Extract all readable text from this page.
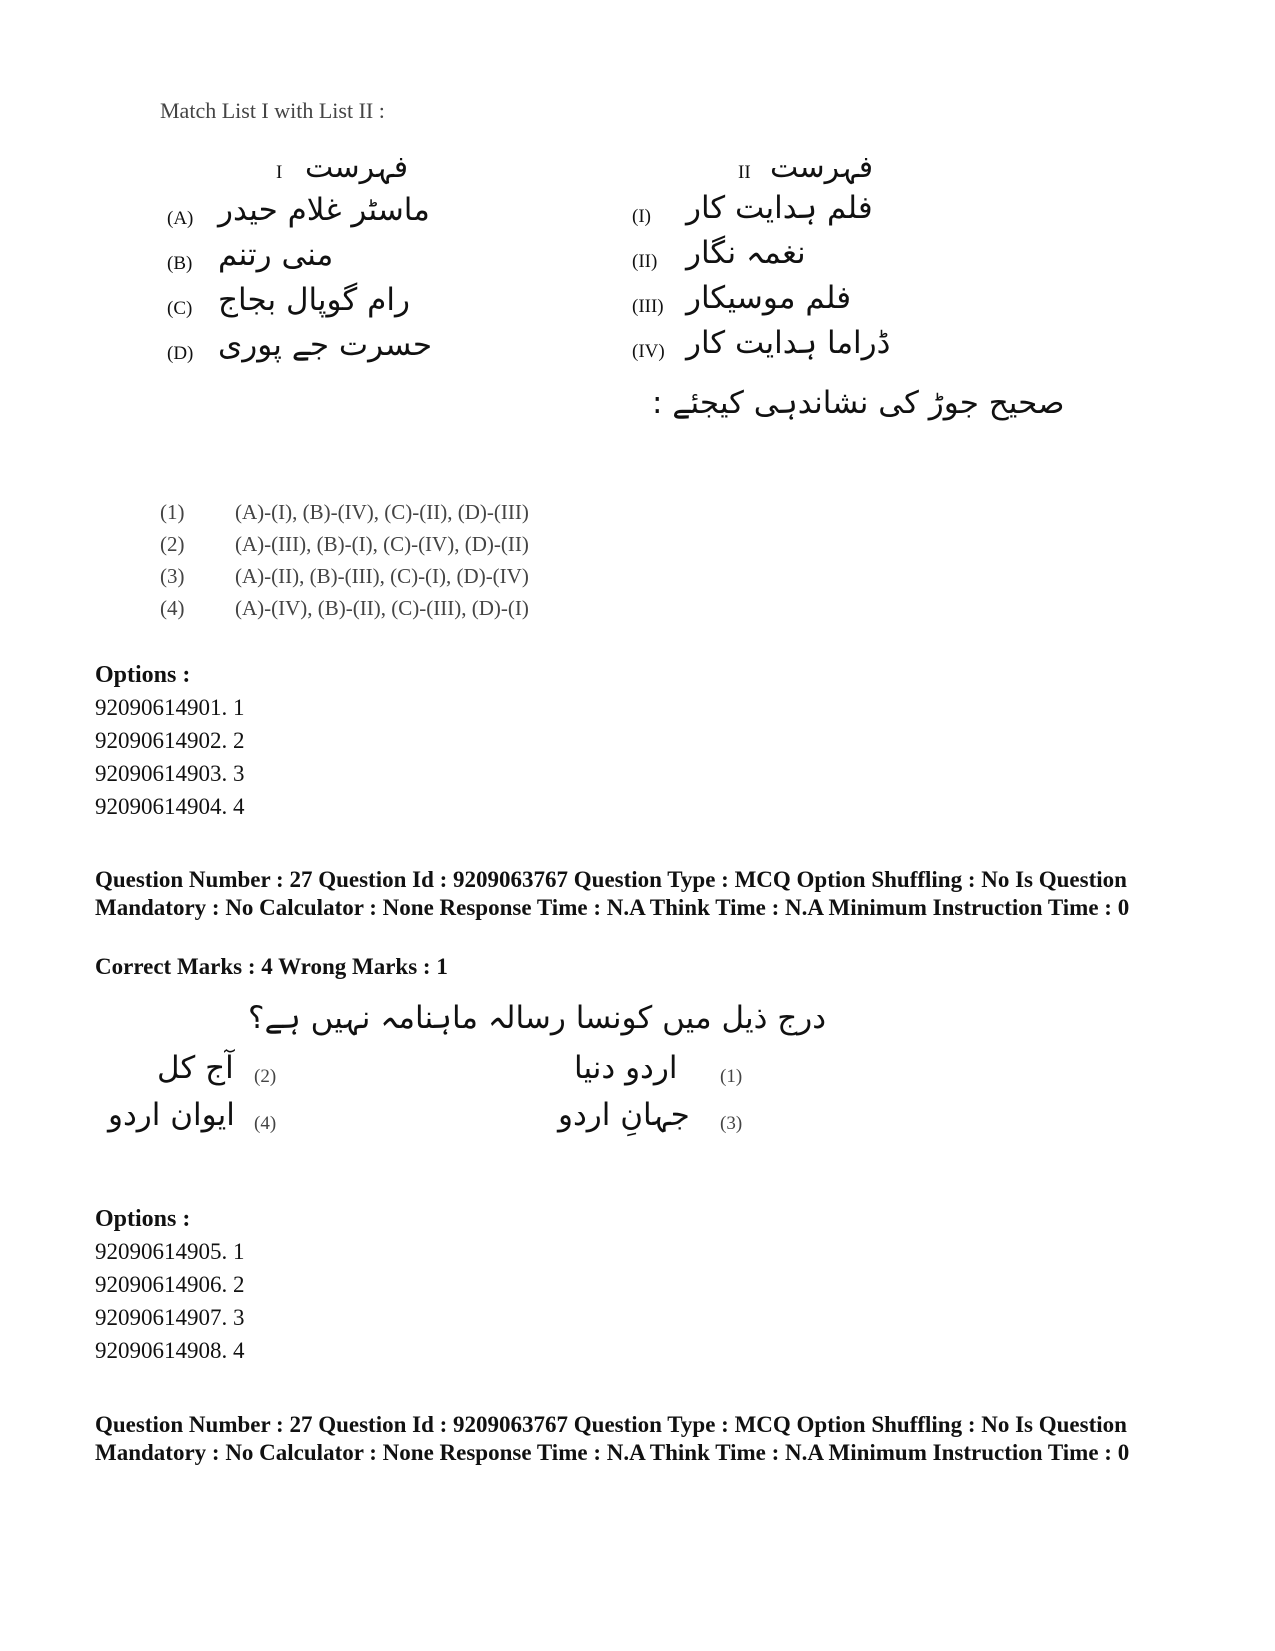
Match List I with List II :
فہرست
I	فہرست
II
(A) ماسٹر غلام حیدر
(B) منی رتنم
(C) رام گوپال بجاج
(D) حسرت جے پوری
(I) فلم ہدایت کار
(II) نغمہ نگار
(III) فلم موسیکار
(IV) ڈراما ہدایت کار
صحیح جوڑ کی نشاندہی کیجئے :
(1) (A)-(I), (B)-(IV), (C)-(II), (D)-(III)
(2) (A)-(III), (B)-(I), (C)-(IV), (D)-(II)
(3) (A)-(II), (B)-(III), (C)-(I), (D)-(IV)
(4) (A)-(IV), (B)-(II), (C)-(III), (D)-(I)
Options :
92090614901. 1
92090614902. 2
92090614903. 3
92090614904. 4
Question Number : 27 Question Id : 9209063767 Question Type : MCQ Option Shuffling : No Is Question Mandatory : No Calculator : None Response Time : N.A Think Time : N.A Minimum Instruction Time : 0
Correct Marks : 4 Wrong Marks : 1
درج ذیل میں کونسا رسالہ ماہنامہ نہیں ہے؟
(1)
اردو دنیا
(2)
آج کل
(3)
جہانِ اردو
(4)
ایوان اردو
Options :
92090614905. 1
92090614906. 2
92090614907. 3
92090614908. 4
Question Number : 27 Question Id : 9209063767 Question Type : MCQ Option Shuffling : No Is Question Mandatory : No Calculator : None Response Time : N.A Think Time : N.A Minimum Instruction Time : 0
